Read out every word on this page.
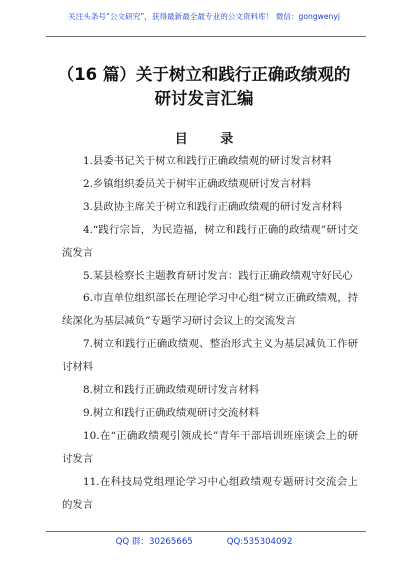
关注头条号“公文研究”，获得最新最全最专业的公文资料库！ 微信：gongwenyj
（16 篇）关于树立和践行正确政绩观的
研讨发言汇编
目 录

1.县委书记关于树立和践行正确政绩观的研讨发言材料

2.乡镇组织委员关于树牢正确政绩观研讨发言材料

3.县政协主席关于树立和践行正确政绩观的研讨发言材料

4.“践行宗旨，为民造福，树立和践行正确的政绩观”研讨交流发言

5.某县检察长主题教育研讨发言：践行正确政绩观守好民心

6.市直单位组织部长在理论学习中心组“树立正确政绩观，持续深化为基层减负”专题学习研讨会议上的交流发言

7.树立和践行正确政绩观、整治形式主义为基层减负工作研讨材料

8.树立和践行正确政绩观研讨发言材料

9.树立和践行正确政绩观研讨交流材料

10.在“正确政绩观引领成长”青年干部培训班座谈会上的研讨发言

11.在科技局党组理论学习中心组政绩观专题研讨交流会上的发言

QQ 群：30265665	QQ:535304092
